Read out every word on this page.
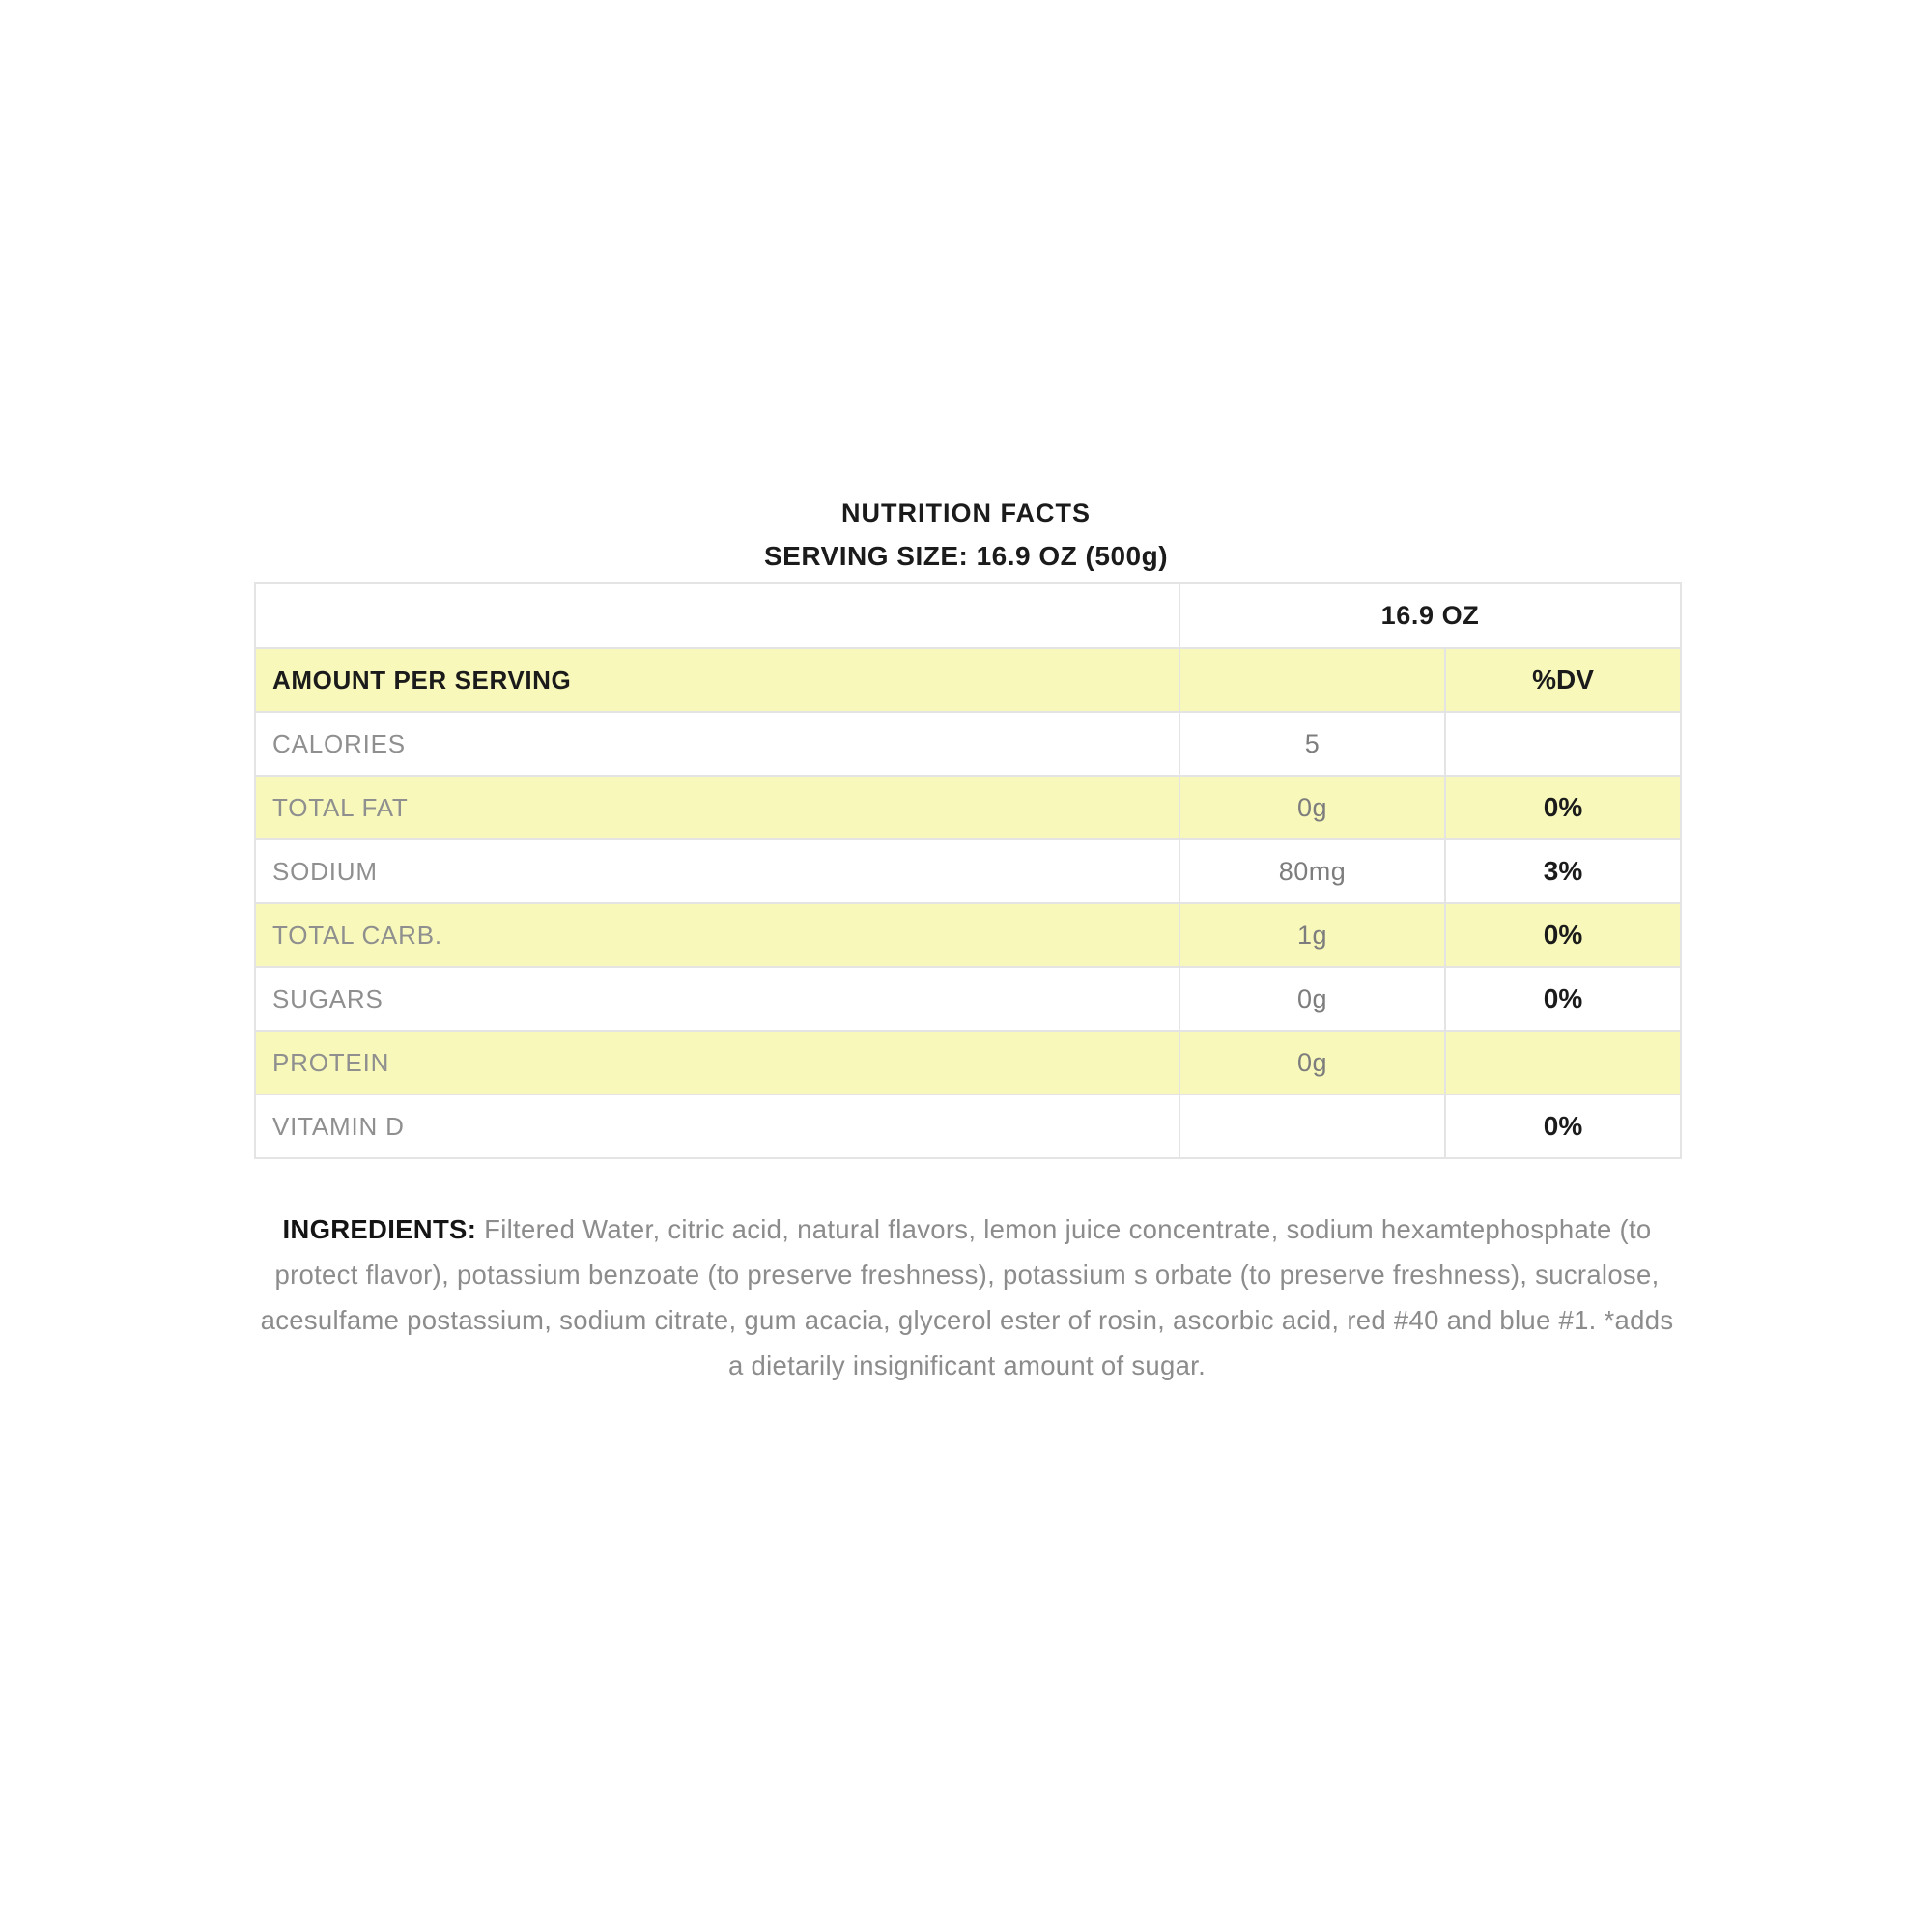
NUTRITION FACTS
SERVING SIZE: 16.9 OZ (500g)
	16.9 OZ	
AMOUNT PER SERVING		%DV
CALORIES	5	
TOTAL FAT	0g	0%
SODIUM	80mg	3%
TOTAL CARB.	1g	0%
SUGARS	0g	0%
PROTEIN	0g	
VITAMIN D		0%

INGREDIENTS: Filtered Water, citric acid, natural flavors, lemon juice concentrate, sodium hexamtephosphate (to protect flavor), potassium benzoate (to preserve freshness), potassium s orbate (to preserve freshness), sucralose, acesulfame postassium, sodium citrate, gum acacia, glycerol ester of rosin, ascorbic acid, red #40 and blue #1. *adds a dietarily insignificant amount of sugar.
